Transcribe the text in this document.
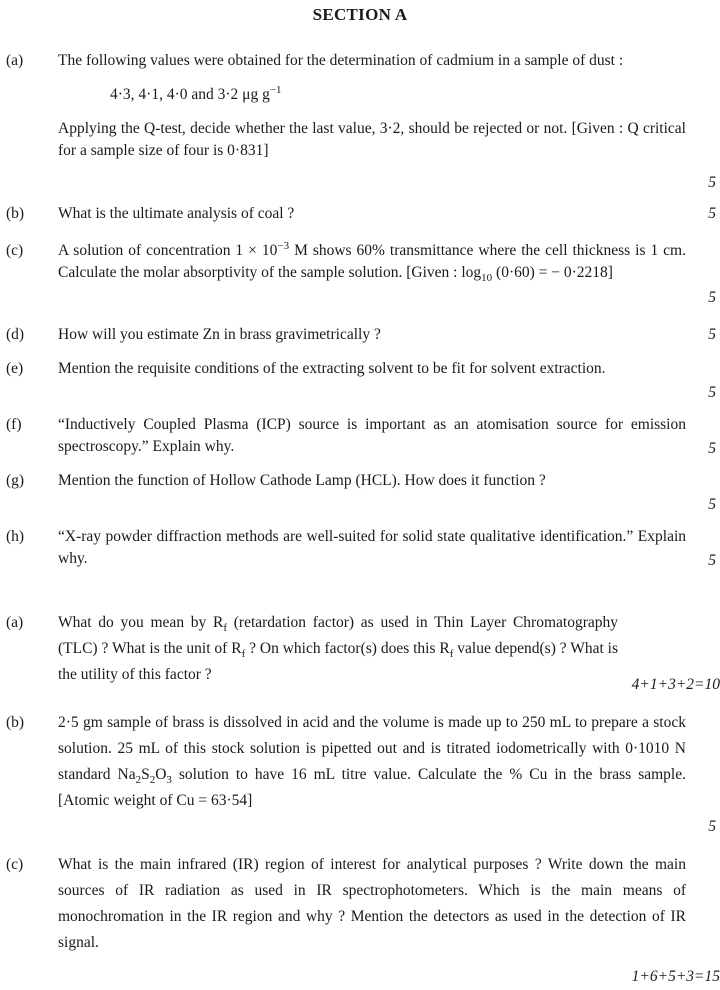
SECTION A
(a) The following values were obtained for the determination of cadmium in a sample of dust :

4·3, 4·1, 4·0 and 3·2 μg $g^{-1}$

Applying the Q-test, decide whether the last value, 3·2, should be rejected or not. [Given : Q critical for a sample size of four is 0·831]

5
(b) What is the ultimate analysis of coal ?	5
(c) A solution of concentration $1 \times 10^{-3}$ M shows 60% transmittance where the cell thickness is 1 cm. Calculate the molar absorptivity of the sample solution. [Given : $\log_{10} (0\cdot 60)$ = − 0·2218]

5
(d) How will you estimate Zn in brass gravimetrically ?	5
(e) Mention the requisite conditions of the extracting solvent to be fit for solvent extraction.

5
(f) “Inductively Coupled Plasma (ICP) source is important as an atomisation source for emission spectroscopy.” Explain why.	5
(g) Mention the function of Hollow Cathode Lamp (HCL). How does it function ?

5
(h) “X-ray powder diffraction methods are well-suited for solid state qualitative identification.” Explain why.	5
(a) What do you mean by $R_f$ (retardation factor) as used in Thin Layer Chromatography (TLC) ? What is the unit of $R_f$ ? On which factor(s) does this $R_f$ value depend(s) ? What is the utility of this factor ?

4+1+3+2=10
(b) 2·5 gm sample of brass is dissolved in acid and the volume is made up to 250 mL to prepare a stock solution. 25 mL of this stock solution is pipetted out and is titrated iodometrically with 0·1010 N standard $Na_2S_2O_3$ solution to have 16 mL titre value. Calculate the % Cu in the brass sample. [Atomic weight of Cu = 63·54]

5
(c) What is the main infrared (IR) region of interest for analytical purposes ? Write down the main sources of IR radiation as used in IR spectrophotometers. Which is the main means of monochromation in the IR region and why ? Mention the detectors as used in the detection of IR signal.

1+6+5+3=15
